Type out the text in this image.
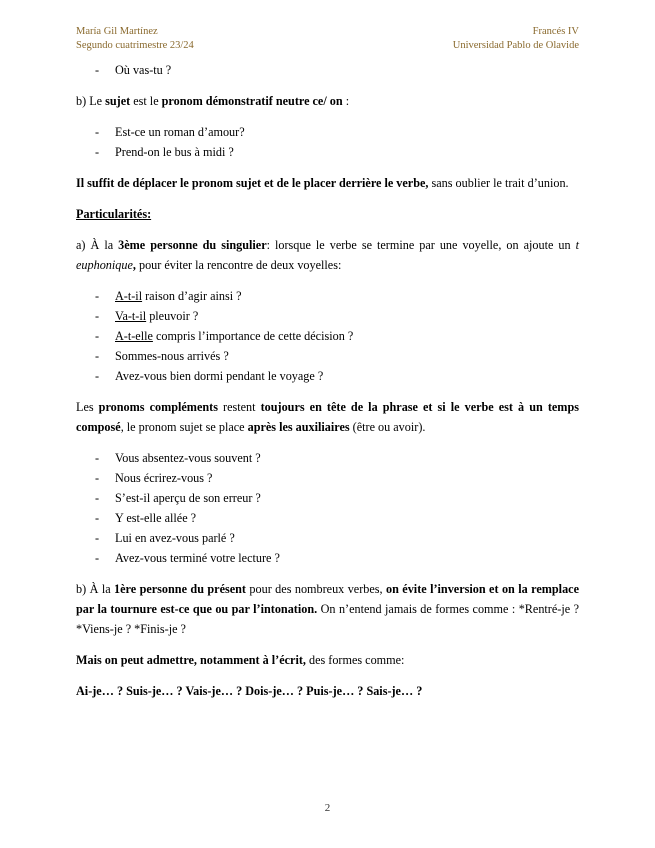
María Gil Martínez
Segundo cuatrimestre 23/24
Francés IV
Universidad Pablo de Olavide
- Où vas-tu ?

b) Le sujet est le pronom démonstratif neutre ce/ on :

- Est-ce un roman d’amour?
- Prend-on le bus à midi ?

Il suffit de déplacer le pronom sujet et de le placer derrière le verbe, sans oublier le trait d’union.

Particularités:

a) À la 3ème personne du singulier: lorsque le verbe se termine par une voyelle, on ajoute un t euphonique, pour éviter la rencontre de deux voyelles:

- A-t-il raison d’agir ainsi ?
- Va-t-il pleuvoir ?
- A-t-elle compris l’importance de cette décision ?
- Sommes-nous arrivés ?
- Avez-vous bien dormi pendant le voyage ?

Les pronoms compléments restent toujours en tête de la phrase et si le verbe est à un temps composé, le pronom sujet se place après les auxiliaires (être ou avoir).

- Vous absentez-vous souvent ?
- Nous écrirez-vous ?
- S’est-il aperçu de son erreur ?
- Y est-elle allée ?
- Lui en avez-vous parlé ?
- Avez-vous terminé votre lecture ?

b) À la 1ère personne du présent pour des nombreux verbes, on évite l’inversion et on la remplace par la tournure est-ce que ou par l’intonation. On n’entend jamais de formes comme : *Rentré-je ? *Viens-je ? *Finis-je ?

Mais on peut admettre, notamment à l’écrit, des formes comme:

Ai-je… ? Suis-je… ? Vais-je… ? Dois-je… ? Puis-je… ? Sais-je… ?

2
